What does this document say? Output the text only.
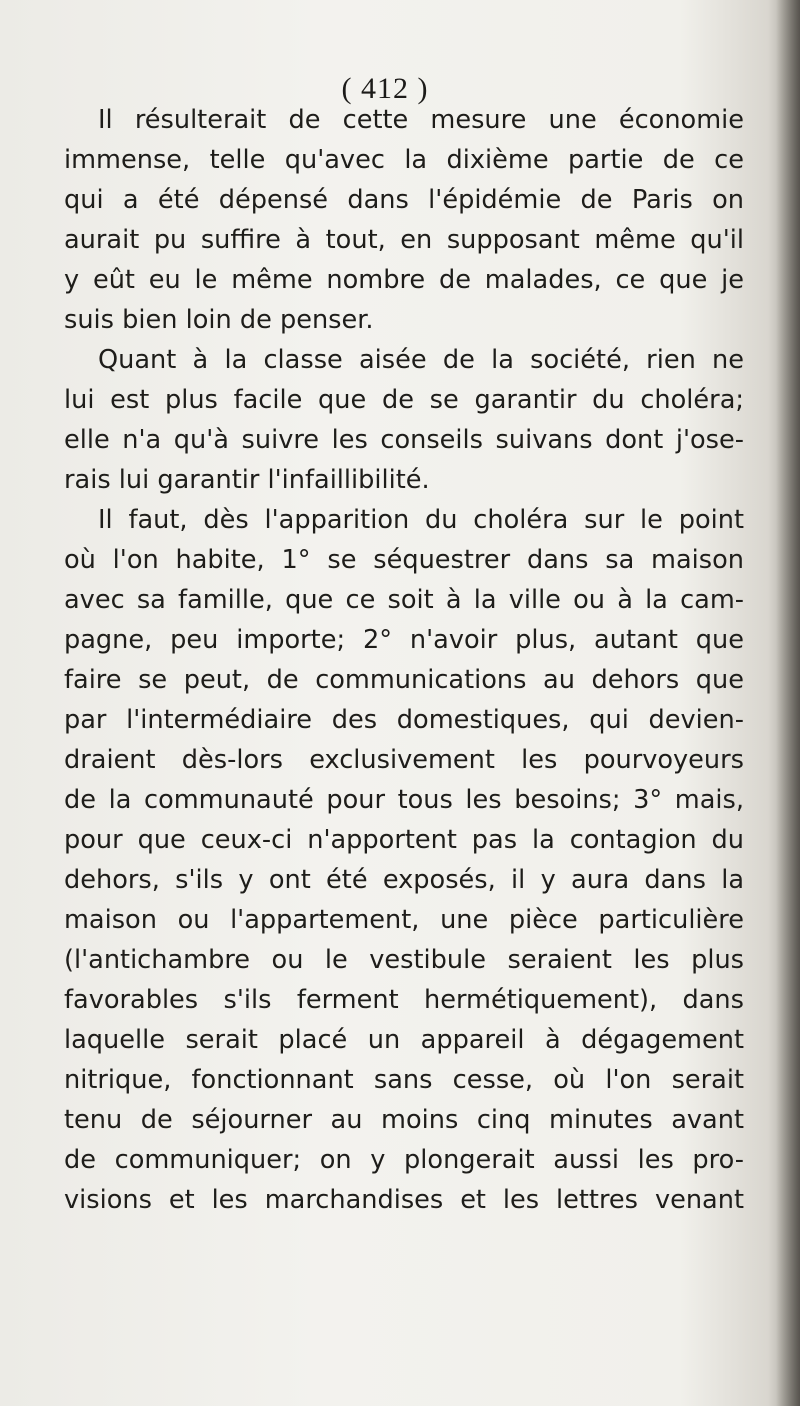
( 412 )
Il résulterait de cette mesure une économie
immense, telle qu'avec la dixième partie de ce
qui a été dépensé dans l'épidémie de Paris on
aurait pu suffire à tout, en supposant même qu'il
y eût eu le même nombre de malades, ce que je
suis bien loin de penser.
Quant à la classe aisée de la société, rien ne
lui est plus facile que de se garantir du choléra;
elle n'a qu'à suivre les conseils suivans dont j'ose-
rais lui garantir l'infaillibilité.
Il faut, dès l'apparition du choléra sur le point
où l'on habite, 1° se séquestrer dans sa maison
avec sa famille, que ce soit à la ville ou à la cam-
pagne, peu importe; 2° n'avoir plus, autant que
faire se peut, de communications au dehors que
par l'intermédiaire des domestiques, qui devien-
draient dès-lors exclusivement les pourvoyeurs
de la communauté pour tous les besoins; 3° mais,
pour que ceux-ci n'apportent pas la contagion du
dehors, s'ils y ont été exposés, il y aura dans la
maison ou l'appartement, une pièce particulière
(l'antichambre ou le vestibule seraient les plus
favorables s'ils ferment hermétiquement), dans
laquelle serait placé un appareil à dégagement
nitrique, fonctionnant sans cesse, où l'on serait
tenu de séjourner au moins cinq minutes avant
de communiquer; on y plongerait aussi les pro-
visions et les marchandises et les lettres venant
